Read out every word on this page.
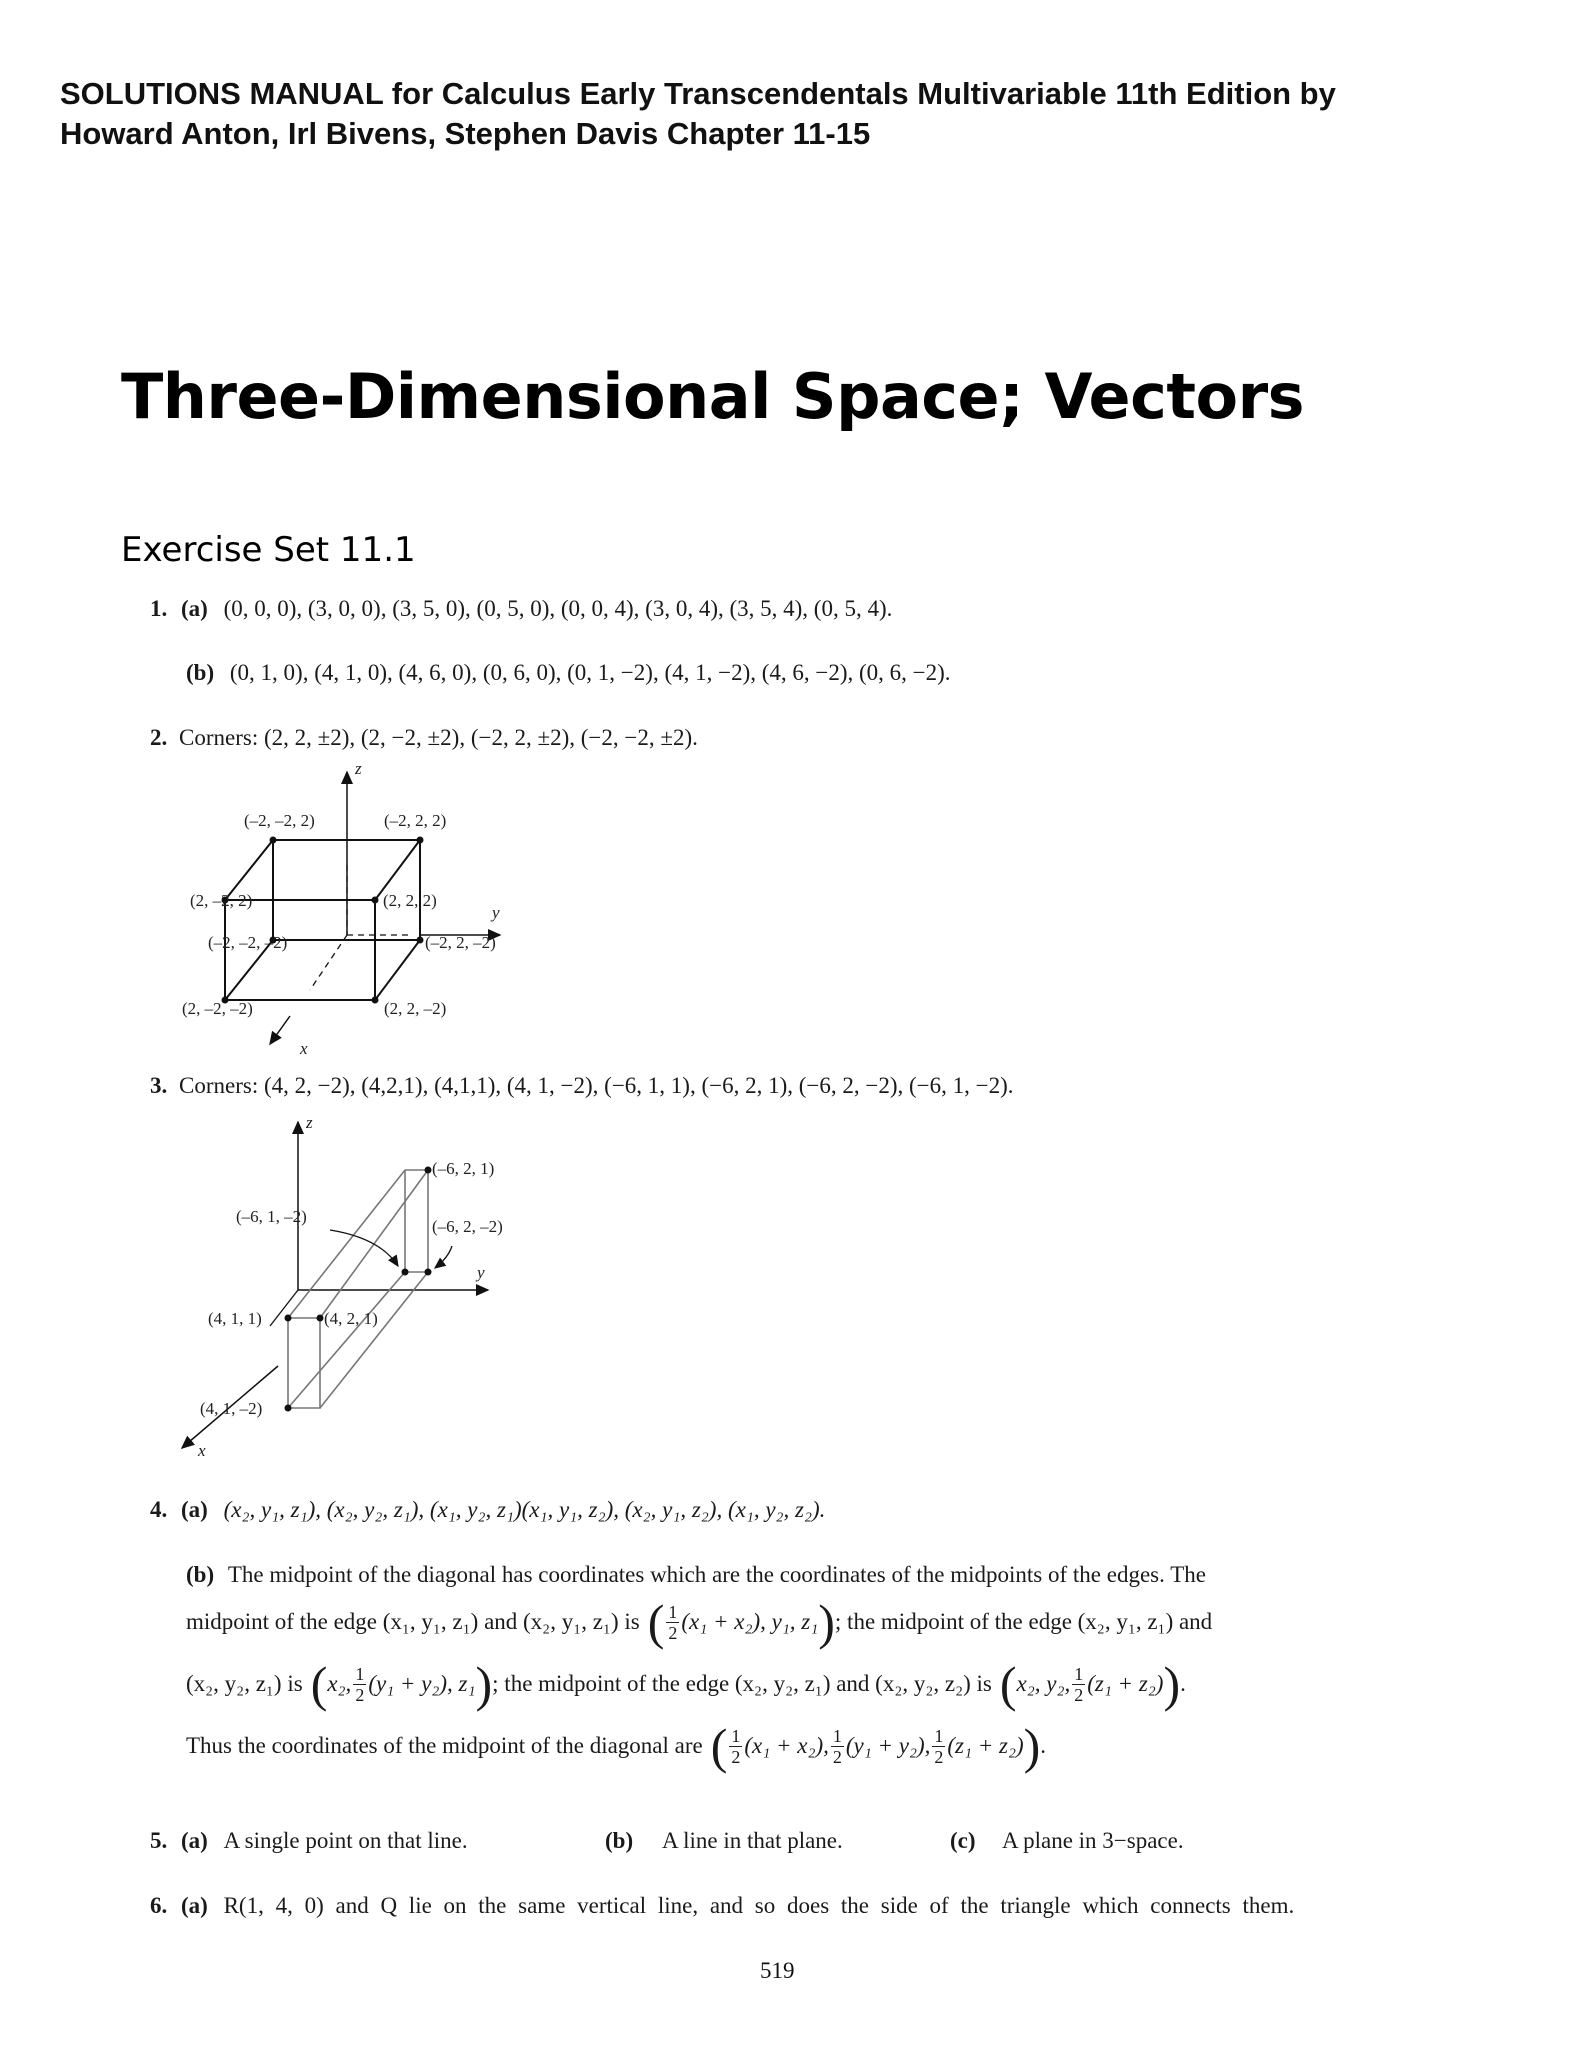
SOLUTIONS MANUAL for Calculus Early Transcendentals Multivariable 11th Edition by
Howard Anton, Irl Bivens, Stephen Davis Chapter 11-15
Three-Dimensional Space; Vectors
Exercise Set 11.1
1. (a) (0, 0, 0), (3, 0, 0), (3, 5, 0), (0, 5, 0), (0, 0, 4), (3, 0, 4), (3, 5, 4), (0, 5, 4).
(b) (0, 1, 0), (4, 1, 0), (4, 6, 0), (0, 6, 0), (0, 1, −2), (4, 1, −2), (4, 6, −2), (0, 6, −2).
2. Corners: (2, 2, ±2), (2, −2, ±2), (−2, 2, ±2), (−2, −2, ±2).
z
y
x
(–2, –2, 2)	(–2, 2, 2)
(2, –2, 2)	(2, 2, 2)
(–2, –2, –2)	(–2, 2, –2)
(2, –2, –2)	(2, 2, –2)
3. Corners: (4, 2, −2), (4,2,1), (4,1,1), (4, 1, −2), (−6, 1, 1), (−6, 2, 1), (−6, 2, −2), (−6, 1, −2).
z
y
x
(–6, 2, 1)
(–6, 1, –2)
(–6, 2, –2)
(4, 1, 1)	(4, 2, 1)
(4, 1, –2)
4. (a) (x₂, y₁, z₁), (x₂, y₂, z₁), (x₁, y₂, z₁)(x₁, y₁, z₂), (x₂, y₁, z₂), (x₁, y₂, z₂).
(b) The midpoint of the diagonal has coordinates which are the coordinates of the midpoints of the edges. The
midpoint of the edge (x₁, y₁, z₁) and (x₂, y₁, z₁) is ( $\frac{1}{2} (x_1 + x_2)$, y₁, z₁ ) ; the midpoint of the edge (x₂, y₁, z₁) and
(x₂, y₂, z₁) is ( x₂, $\frac{1}{2} (y_1 + y_2)$, z₁ ) ; the midpoint of the edge (x₂, y₂, z₁) and (x₂, y₂, z₂) is ( x₂, y₂, $\frac{1}{2} (z_1 + z_2)$ ) .
Thus the coordinates of the midpoint of the diagonal are ( $\frac{1}{2} (x_1 + x_2)$, $\frac{1}{2} (y_1 + y_2)$, $\frac{1}{2} (z_1 + z_2)$ ) .
5. (a) A single point on that line.	(b) A line in that plane.	(c) A plane in 3−space.
6. (a) R(1, 4, 0) and Q lie on the same vertical line, and so does the side of the triangle which connects them.
519
